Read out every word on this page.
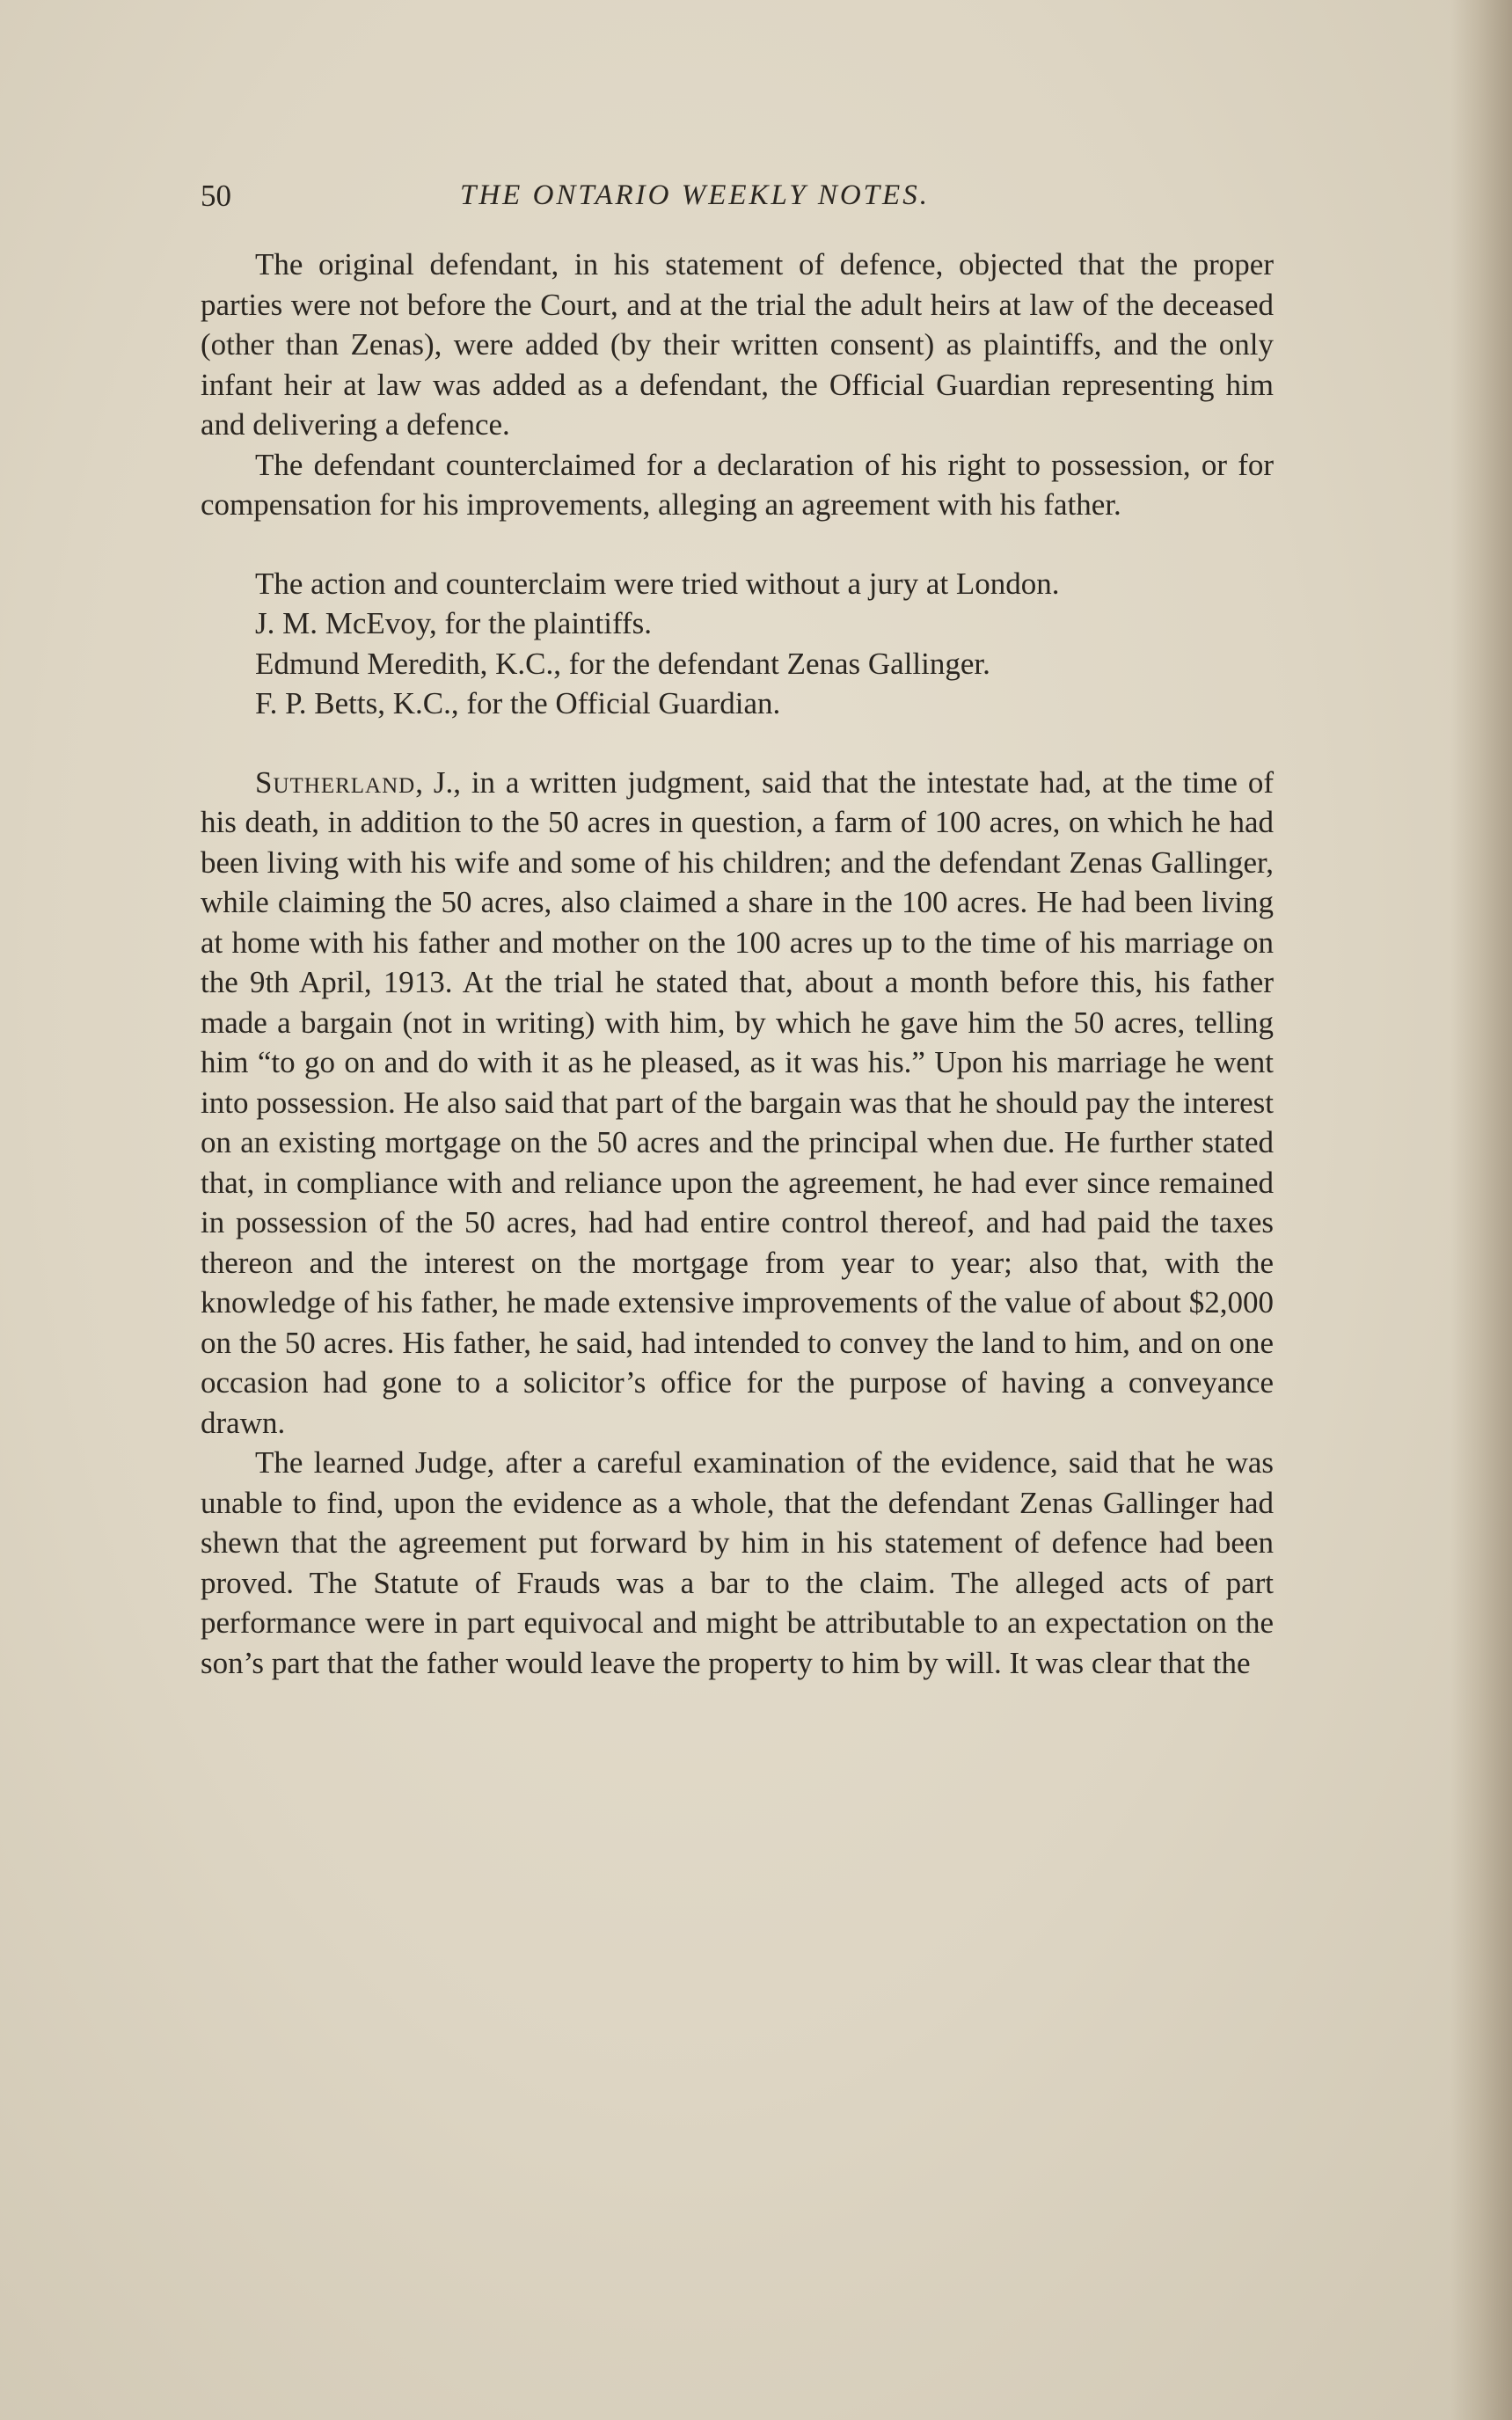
50	THE ONTARIO WEEKLY NOTES.

The original defendant, in his statement of defence, objected that the proper parties were not before the Court, and at the trial the adult heirs at law of the deceased (other than Zenas), were added (by their written consent) as plaintiffs, and the only infant heir at law was added as a defendant, the Official Guardian representing him and delivering a defence.

The defendant counterclaimed for a declaration of his right to possession, or for compensation for his improvements, alleging an agreement with his father.

The action and counterclaim were tried without a jury at London.

J. M. McEvoy, for the plaintiffs.

Edmund Meredith, K.C., for the defendant Zenas Gallinger.

F. P. Betts, K.C., for the Official Guardian.

Sutherland, J., in a written judgment, said that the intestate had, at the time of his death, in addition to the 50 acres in question, a farm of 100 acres, on which he had been living with his wife and some of his children; and the defendant Zenas Gallinger, while claiming the 50 acres, also claimed a share in the 100 acres. He had been living at home with his father and mother on the 100 acres up to the time of his marriage on the 9th April, 1913. At the trial he stated that, about a month before this, his father made a bargain (not in writing) with him, by which he gave him the 50 acres, telling him “to go on and do with it as he pleased, as it was his.” Upon his marriage he went into possession. He also said that part of the bargain was that he should pay the interest on an existing mortgage on the 50 acres and the principal when due. He further stated that, in compliance with and reliance upon the agreement, he had ever since remained in possession of the 50 acres, had had entire control thereof, and had paid the taxes thereon and the interest on the mortgage from year to year; also that, with the knowledge of his father, he made extensive improvements of the value of about $2,000 on the 50 acres. His father, he said, had intended to convey the land to him, and on one occasion had gone to a solicitor’s office for the purpose of having a conveyance drawn.

The learned Judge, after a careful examination of the evidence, said that he was unable to find, upon the evidence as a whole, that the defendant Zenas Gallinger had shewn that the agreement put forward by him in his statement of defence had been proved. The Statute of Frauds was a bar to the claim. The alleged acts of part performance were in part equivocal and might be attributable to an expectation on the son’s part that the father would leave the property to him by will. It was clear that the
